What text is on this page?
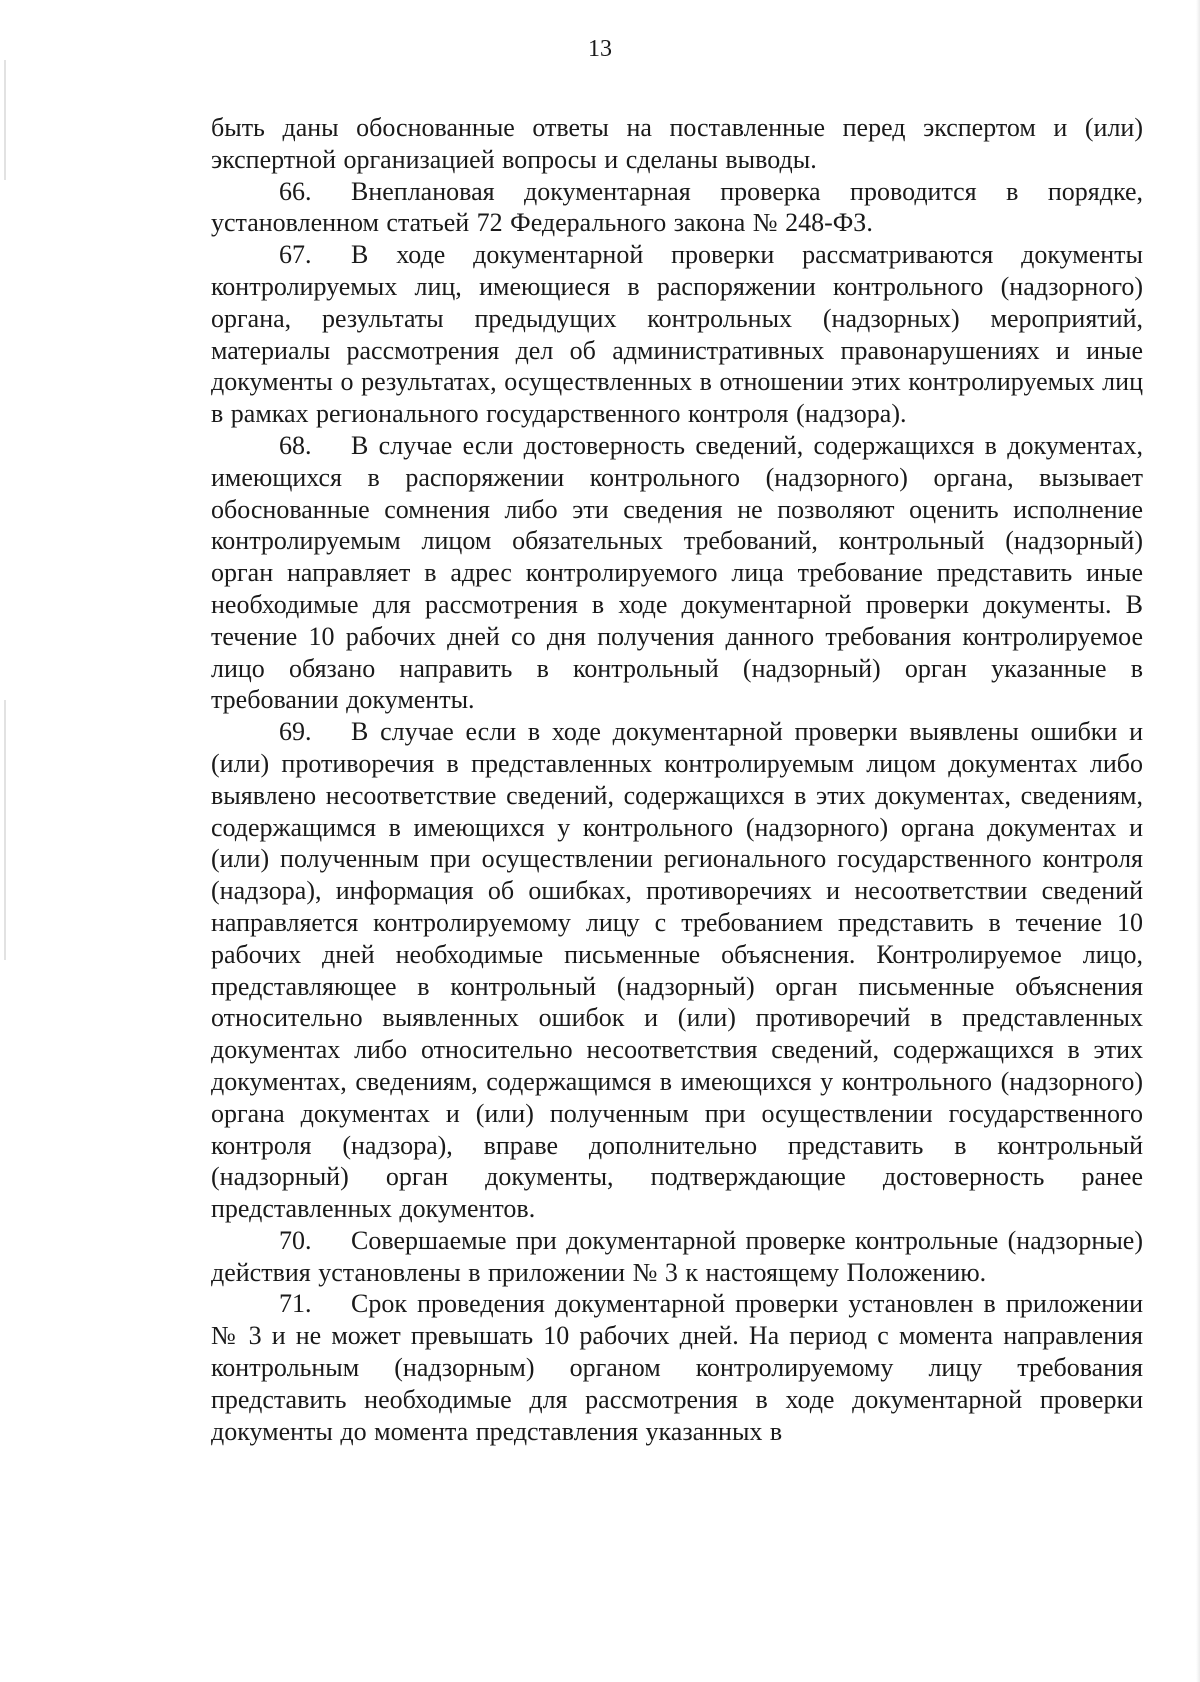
13

быть даны обоснованные ответы на поставленные перед экспертом и (или) экспертной организацией вопросы и сделаны выводы.

66. Внеплановая документарная проверка проводится в порядке, установленном статьей 72 Федерального закона № 248-ФЗ.

67. В ходе документарной проверки рассматриваются документы контролируемых лиц, имеющиеся в распоряжении контрольного (надзорного) органа, результаты предыдущих контрольных (надзорных) мероприятий, материалы рассмотрения дел об административных правонарушениях и иные документы о результатах, осуществленных в отношении этих контролируемых лиц в рамках регионального государственного контроля (надзора).

68. В случае если достоверность сведений, содержащихся в документах, имеющихся в распоряжении контрольного (надзорного) органа, вызывает обоснованные сомнения либо эти сведения не позволяют оценить исполнение контролируемым лицом обязательных требований, контрольный (надзорный) орган направляет в адрес контролируемого лица требование представить иные необходимые для рассмотрения в ходе документарной проверки документы. В течение 10 рабочих дней со дня получения данного требования контролируемое лицо обязано направить в контрольный (надзорный) орган указанные в требовании документы.

69. В случае если в ходе документарной проверки выявлены ошибки и (или) противоречия в представленных контролируемым лицом документах либо выявлено несоответствие сведений, содержащихся в этих документах, сведениям, содержащимся в имеющихся у контрольного (надзорного) органа документах и (или) полученным при осуществлении регионального государственного контроля (надзора), информация об ошибках, противоречиях и несоответствии сведений направляется контролируемому лицу с требованием представить в течение 10 рабочих дней необходимые письменные объяснения. Контролируемое лицо, представляющее в контрольный (надзорный) орган письменные объяснения относительно выявленных ошибок и (или) противоречий в представленных документах либо относительно несоответствия сведений, содержащихся в этих документах, сведениям, содержащимся в имеющихся у контрольного (надзорного) органа документах и (или) полученным при осуществлении государственного контроля (надзора), вправе дополнительно представить в контрольный (надзорный) орган документы, подтверждающие достоверность ранее представленных документов.

70. Совершаемые при документарной проверке контрольные (надзорные) действия установлены в приложении № 3 к настоящему Положению.

71. Срок проведения документарной проверки установлен в приложении № 3 и не может превышать 10 рабочих дней. На период с момента направления контрольным (надзорным) органом контролируемому лицу требования представить необходимые для рассмотрения в ходе документарной проверки документы до момента представления указанных в
